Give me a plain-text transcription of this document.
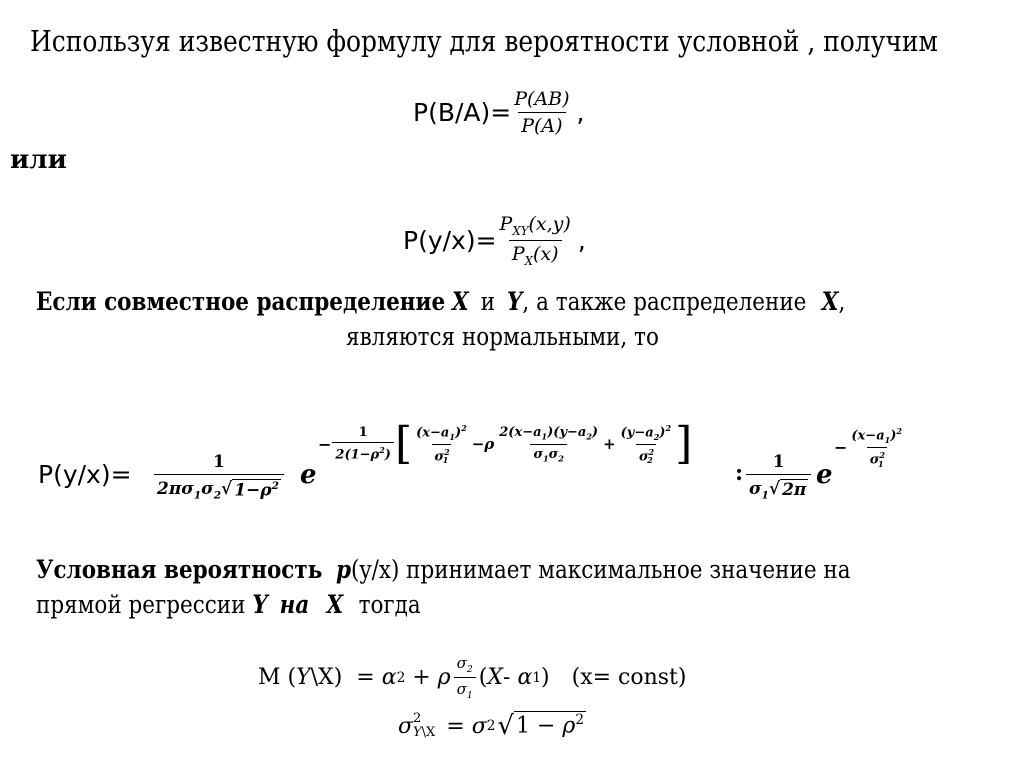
Используя известную формулу для вероятности условной , получим
$P(B/A)= \frac{P(AB)}{P(A)}$ ,
или
$P(y/x)= \frac{P_{XY}(x,y)}{P_X(x)}$ ,
Если совместное распределение X и Y, а также распределение X,
являются нормальными, то
$P(y/x)= \frac{1}{2\pi\sigma_1\sigma_2 √ 1-\rho^2}$ e
− $\frac{1}{2(1-\rho^2)}$ [ $\frac{(x-a_1)^2}{\sigma^2_1} -\rho \frac{2(x-a_1)(y-a_2)}{\sigma_1\sigma_2} + \frac{(y-a_2)^2}{\sigma^2_2}$ ]
: $\frac{1}{\sigma_1 √ 2\pi}$ e
− $\frac{(x-a_1)^2}{\sigma^2_1}$
Условная вероятность p(y/x) принимает максимальное значение на
прямой регрессии Y на X тогда
M ( Y \X)  = α 2 + ρ $\frac{\sigma_2}{\sigma_1}$ ( X - α 1 ) (x= const)
σ 2
Y\X = σ 2 √ $1 - \rho^2$
